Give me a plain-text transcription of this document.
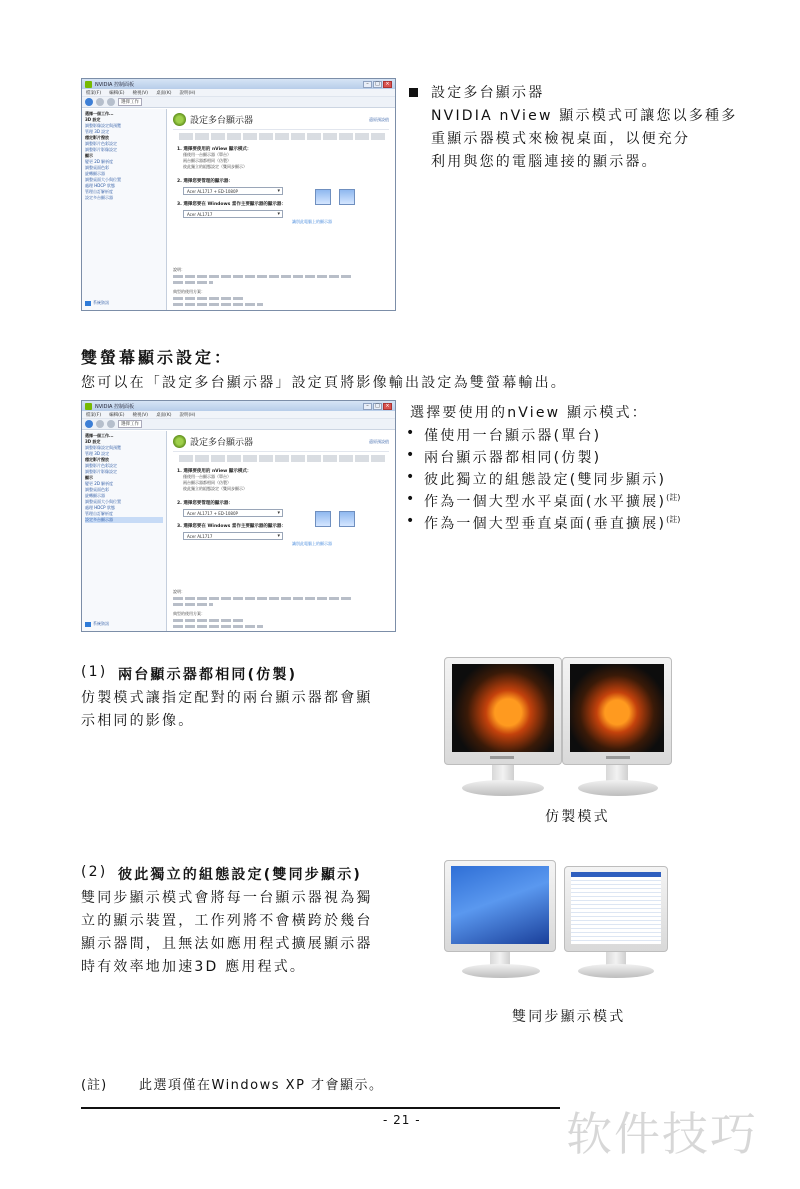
NVIDIA 控制面板	–	□	×
檔案(F) 編輯(E) 檢視(V) 桌面(K) 說明(H)
選擇工作
選擇一個工作...
3D 設定
調整影像設定與預覽
管理 3D 設定
穩定影片撥放
調整影片色彩設定
調整影片影像設定
顯示
變更 2D 解析度
調整桌面色彩
旋轉顯示器
調整桌面大小與位置
處理 HDCP 狀態
管理自訂解析度
設定多台顯示器
系統資訊
設定多台顯示器	還原預設值
1. 選擇要使用的 nView 顯示模式：
僅使用一台顯示器（單台）
兩台顯示器都相同（仿製）
彼此獨立的組態設定（雙同步顯示）
2. 選擇您要管理的顯示器：
Acer AL1717 + ED-1080P ▾
3. 選擇您要在 Windows 當作主要顯示器的顯示器：
Acer AL1717 ▾
識別此電腦上的顯示器
說明：
典型的使用方案：
設定多台顯示器
NVIDIA nView 顯示模式可讓您以多種多
重顯示器模式來檢視桌面，以便充分
利用與您的電腦連接的顯示器。
雙螢幕顯示設定：
您可以在「設定多台顯示器」設定頁將影像輸出設定為雙螢幕輸出。
NVIDIA 控制面板	–	□	×
檔案(F) 編輯(E) 檢視(V) 桌面(K) 說明(H)
選擇工作
選擇一個工作...
3D 設定
調整影像設定與預覽
管理 3D 設定
穩定影片撥放
調整影片色彩設定
調整影片影像設定
顯示
變更 2D 解析度
調整桌面色彩
旋轉顯示器
調整桌面大小與位置
處理 HDCP 狀態
管理自訂解析度
設定多台顯示器
系統資訊
設定多台顯示器	還原預設值
1. 選擇要使用的 nView 顯示模式：
僅使用一台顯示器（單台）
兩台顯示器都相同（仿製）
彼此獨立的組態設定（雙同步顯示）
2. 選擇您要管理的顯示器：
Acer AL1717 + ED-1080P ▾
3. 選擇您要在 Windows 當作主要顯示器的顯示器：
Acer AL1717 ▾
識別此電腦上的顯示器
說明：
典型的使用方案：
選擇要使用的nView 顯示模式：
• 僅使用一台顯示器(單台)
• 兩台顯示器都相同(仿製)
• 彼此獨立的組態設定(雙同步顯示)
• 作為一個大型水平桌面(水平擴展)$^{(註)}$
• 作為一個大型垂直桌面(垂直擴展)$^{(註)}$
(1) 兩台顯示器都相同(仿製)
仿製模式讓指定配對的兩台顯示器都會顯
示相同的影像。
仿製模式
(2) 彼此獨立的組態設定(雙同步顯示)
雙同步顯示模式會將每一台顯示器視為獨
立的顯示裝置，工作列將不會橫跨於幾台
顯示器間，且無法如應用程式擴展顯示器
時有效率地加速3D 應用程式。
雙同步顯示模式
(註) 此選項僅在Windows XP 才會顯示。
- 21 -	软件技巧
